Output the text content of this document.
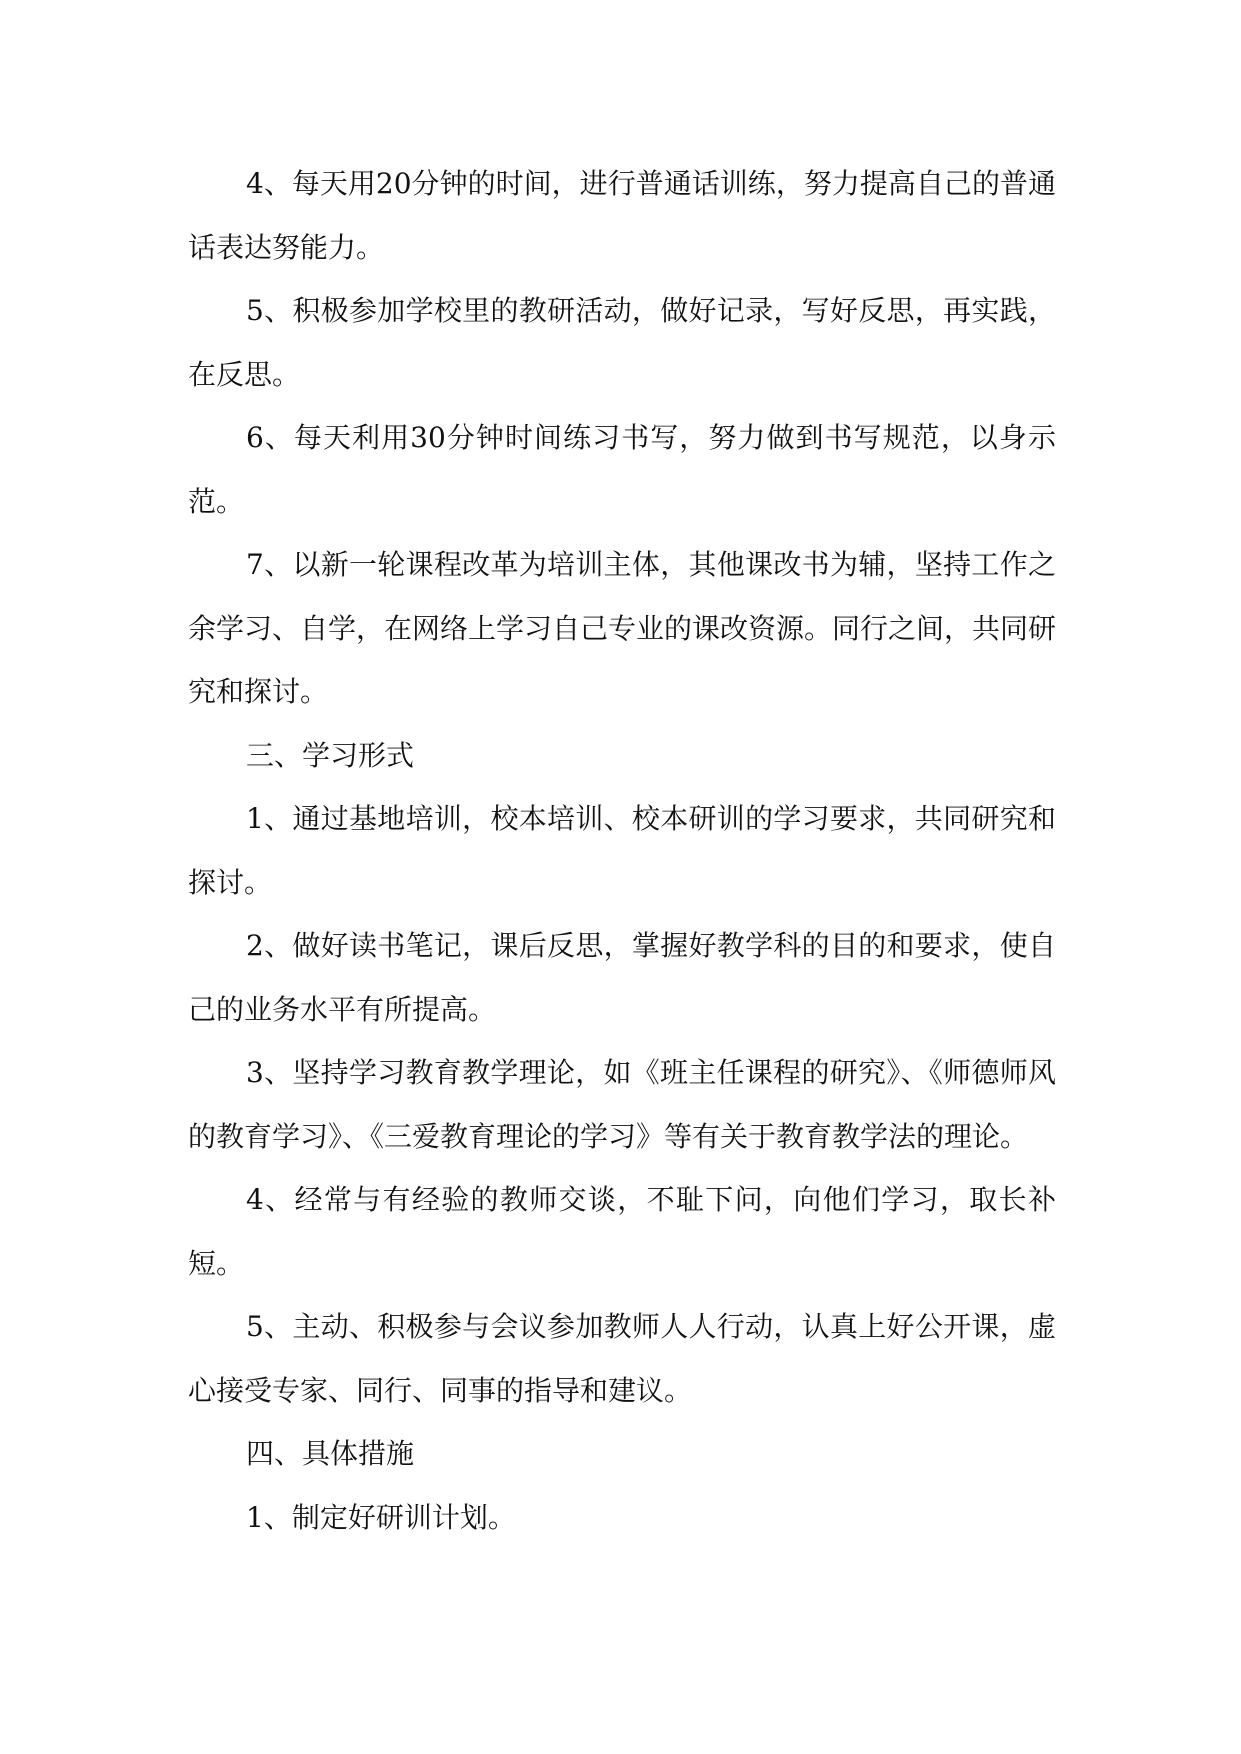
4、每天用20分钟的时间，进行普通话训练，努力提高自己的普通话表达努能力。

5、积极参加学校里的教研活动，做好记录，写好反思，再实践，在反思。

6、每天利用30分钟时间练习书写，努力做到书写规范，以身示范。

7、以新一轮课程改革为培训主体，其他课改书为辅，坚持工作之余学习、自学，在网络上学习自己专业的课改资源。同行之间，共同研究和探讨。

三、学习形式

1、通过基地培训，校本培训、校本研训的学习要求，共同研究和探讨。

2、做好读书笔记，课后反思，掌握好教学科的目的和要求，使自己的业务水平有所提高。

3、坚持学习教育教学理论，如《班主任课程的研究》、《师德师风的教育学习》、《三爱教育理论的学习》等有关于教育教学法的理论。

4、经常与有经验的教师交谈，不耻下问，向他们学习，取长补短。

5、主动、积极参与会议参加教师人人行动，认真上好公开课，虚心接受专家、同行、同事的指导和建议。

四、具体措施

1、制定好研训计划。
